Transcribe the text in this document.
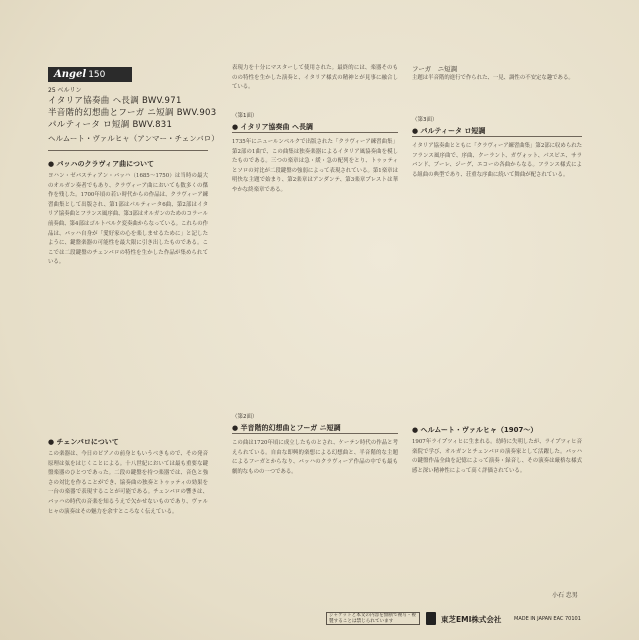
Angel 150
25 ベルリン
イタリア協奏曲 ヘ長調 BWV.971
半音階的幻想曲とフーガ ニ短調 BWV.903
パルティータ ロ短調 BWV.831
ヘルムート・ヴァルヒャ（アンマー・チェンバロ）
● バッハのクラヴィア曲について
ヨハン・ゼバスティアン・バッハ（1685〜1750）は当時の最大のオルガン奏者でもあり、クラヴィーア曲においても数多くの傑作を残した。1700年頃の若い時代からの作品は、クラヴィーア練習曲集として出版され、第1部はパルティータ6曲、第2部はイタリア協奏曲とフランス風序曲、第3部はオルガンのためのコラール前奏曲、第4部はゴルトベルク変奏曲からなっている。これらの作品は、バッハ自身が「愛好家の心を楽しませるために」と記したように、鍵盤楽器の可能性を最大限に引き出したものである。ここでは二段鍵盤のチェンバロの特性を生かした作品が集められている。
● チェンバロについて
この楽器は、今日のピアノの前身ともいうべきもので、その発音原理は弦をはじくことによる。十八世紀においては最も重要な鍵盤楽器のひとつであった。二段の鍵盤を持つ楽器では、音色と強さの対比を作ることができ、協奏曲の独奏とトゥッティの効果を一台の楽器で表現することが可能である。チェンバロの響きは、バッハの時代の音楽を知るうえで欠かせないものであり、ヴァルヒャの演奏はその魅力を余すところなく伝えている。
表現力を十分にマスターして使用された。最終的には、楽器そのものの特性を生かした演奏と、イタリア様式の精神とが見事に融合している。
（第1面）
● イタリア協奏曲 ヘ長調
1735年にニュールンベルクで出版された「クラヴィーア練習曲集」第2部の1曲で、この曲集は独奏楽器によるイタリア風協奏曲を模したものである。三つの楽章は急・緩・急の配列をとり、トゥッティとソロの対比が二段鍵盤の強弱によって表現されている。第1楽章は明快な主題で始まり、第2楽章はアンダンテ、第3楽章プレストは華やかな終楽章である。
（第2面）
● 半音階的幻想曲とフーガ ニ短調
この曲は1720年頃に成立したものとされ、ケーテン時代の作品と考えられている。自由な即興的楽想による幻想曲と、半音階的な主題によるフーガとからなり、バッハのクラヴィーア作品の中でも最も劇的なものの一つである。
フーガ　ニ短調
主題は半音階的進行で作られた、一見、調性の不安定な趣である。
（第3面）
● パルティータ ロ短調
イタリア協奏曲とともに「クラヴィーア練習曲集」第2部に収められたフランス風序曲で、序曲、クーラント、ガヴォット、パスピエ、サラバンド、ブーレ、ジーグ、エコーの各曲からなる。フランス様式による組曲の典型であり、荘重な序曲に続いて舞曲が配されている。
● ヘルムート・ヴァルヒャ（1907〜）
1907年ライプツィヒに生まれる。幼時に失明したが、ライプツィヒ音楽院で学び、オルガンとチェンバロの演奏家として活躍した。バッハの鍵盤作品全曲を記憶によって演奏・録音し、その演奏は厳格な様式感と深い精神性によって高く評価されている。
小石 忠男
ジャケットと本文の内容を無断で複写・複製することは禁じられています	東芝EMI株式会社	MADE IN JAPAN EAC 70101
